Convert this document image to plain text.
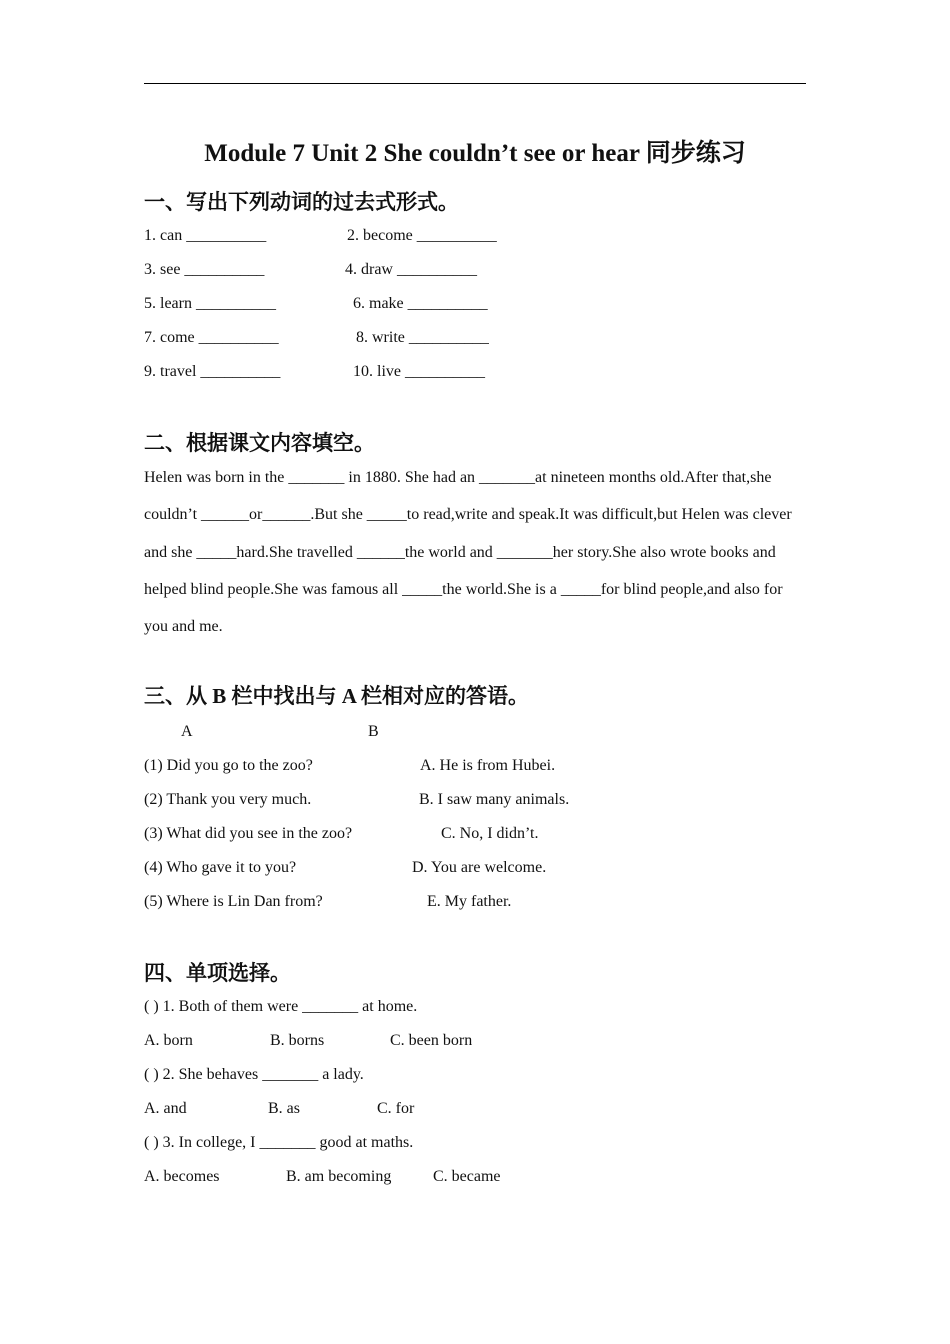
Module 7 Unit 2 She couldn’t see or hear 同步练习
一、写出下列动词的过去式形式。
1. can __________	2. become __________
3. see __________	4. draw __________
5. learn __________	6. make __________
7. come __________	8. write __________
9. travel __________	10. live __________
二、根据课文内容填空。
Helen was born in the _______ in 1880. She had an _______at nineteen months old.After that,she couldn’t ______or______.But she _____to read,write and speak.It was difficult,but Helen was clever and she _____hard.She travelled ______the world and _______her story.She also wrote books and helped blind people.She was famous all _____the world.She is a _____for blind people,and also for you and me.
三、从 B 栏中找出与 A 栏相对应的答语。
A	B
(1) Did you go to the zoo?	A. He is from Hubei.
(2) Thank you very much.	B. I saw many animals.
(3) What did you see in the zoo?	C. No, I didn’t.
(4) Who gave it to you?	D. You are welcome.
(5) Where is Lin Dan from?	E. My father.
四、单项选择。
( ) 1. Both of them were _______ at home.
A. born	B. borns	C. been born
( ) 2. She behaves _______ a lady.
A. and	B. as	C. for
( ) 3. In college, I _______ good at maths.
A. becomes	B. am becoming	C. became
